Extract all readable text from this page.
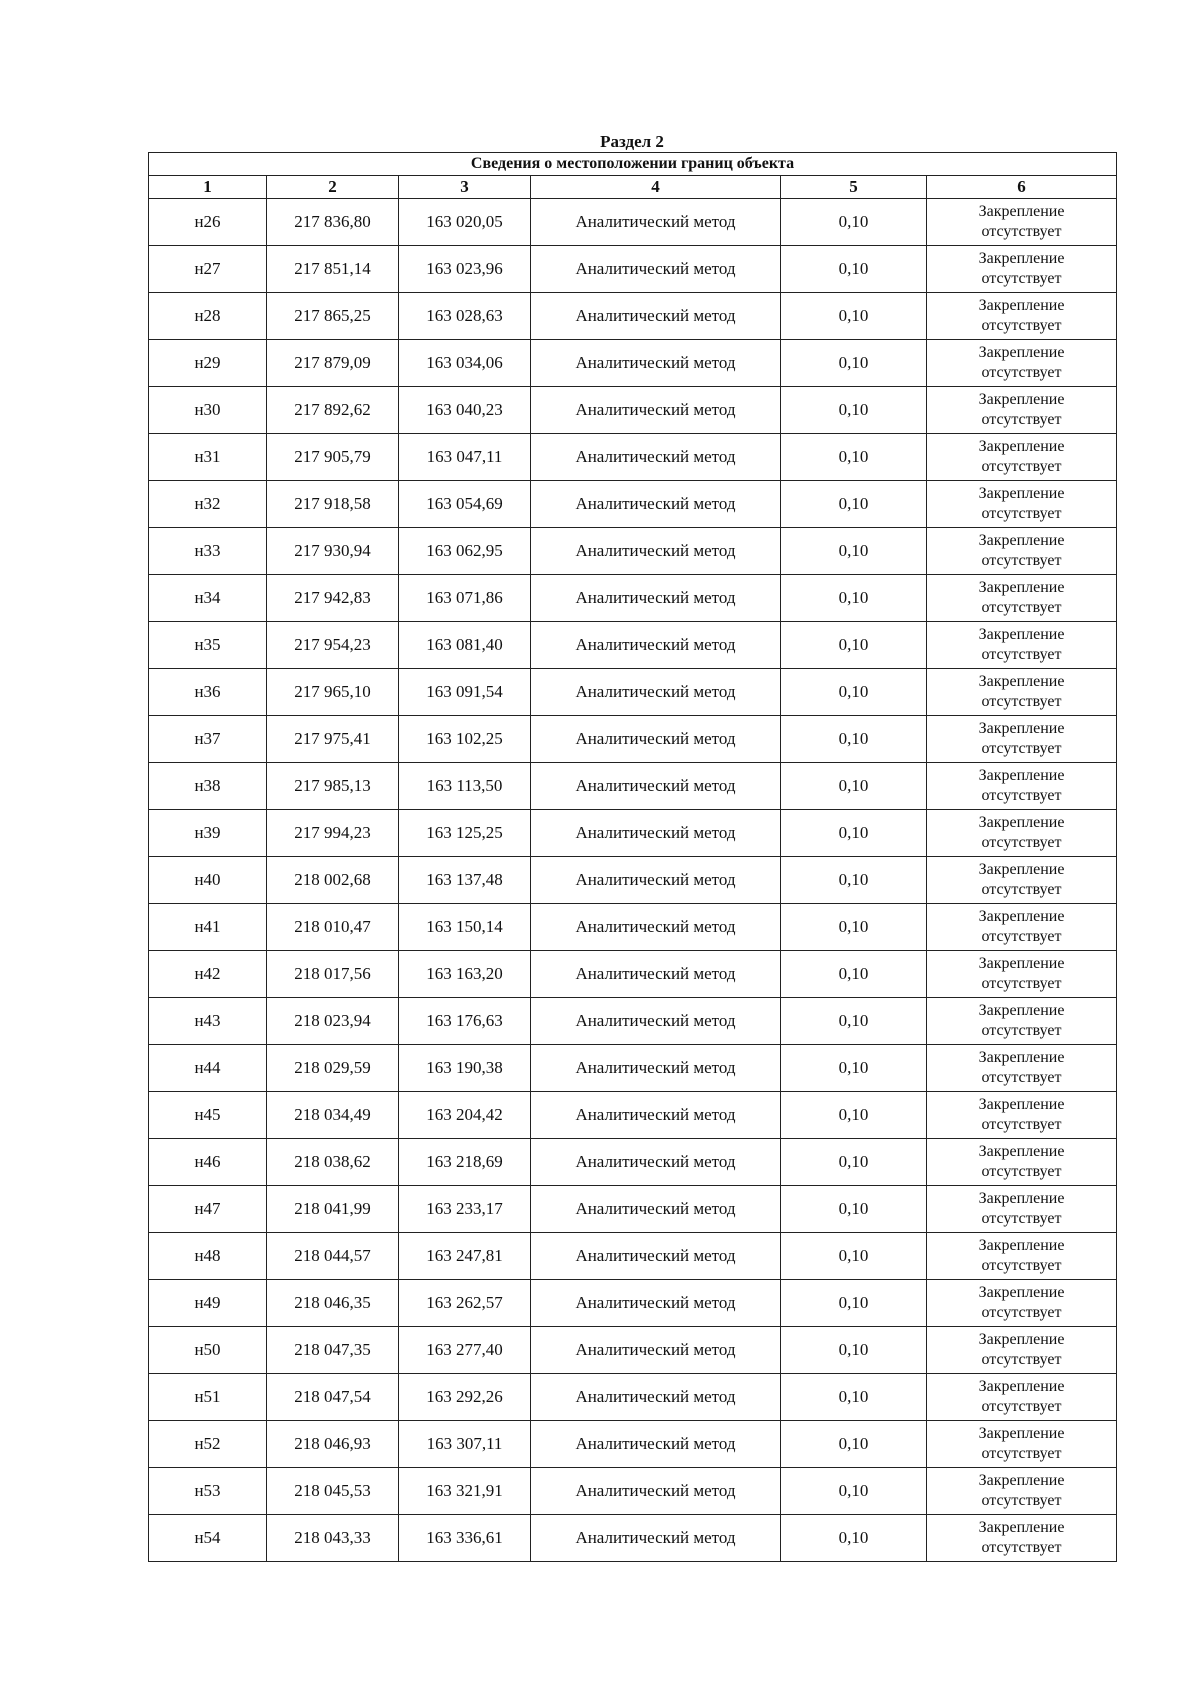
Раздел 2
Сведения о местоположении границ объекта					
1	2	3	4	5	6
н26	217 836,80	163 020,05	Аналитический метод	0,10	Закрепление
отсутствует

н27	217 851,14	163 023,96	Аналитический метод	0,10	Закрепление
отсутствует

н28	217 865,25	163 028,63	Аналитический метод	0,10	Закрепление
отсутствует

н29	217 879,09	163 034,06	Аналитический метод	0,10	Закрепление
отсутствует

н30	217 892,62	163 040,23	Аналитический метод	0,10	Закрепление
отсутствует

н31	217 905,79	163 047,11	Аналитический метод	0,10	Закрепление
отсутствует

н32	217 918,58	163 054,69	Аналитический метод	0,10	Закрепление
отсутствует

н33	217 930,94	163 062,95	Аналитический метод	0,10	Закрепление
отсутствует

н34	217 942,83	163 071,86	Аналитический метод	0,10	Закрепление
отсутствует

н35	217 954,23	163 081,40	Аналитический метод	0,10	Закрепление
отсутствует

н36	217 965,10	163 091,54	Аналитический метод	0,10	Закрепление
отсутствует

н37	217 975,41	163 102,25	Аналитический метод	0,10	Закрепление
отсутствует

н38	217 985,13	163 113,50	Аналитический метод	0,10	Закрепление
отсутствует

н39	217 994,23	163 125,25	Аналитический метод	0,10	Закрепление
отсутствует

н40	218 002,68	163 137,48	Аналитический метод	0,10	Закрепление
отсутствует

н41	218 010,47	163 150,14	Аналитический метод	0,10	Закрепление
отсутствует

н42	218 017,56	163 163,20	Аналитический метод	0,10	Закрепление
отсутствует

н43	218 023,94	163 176,63	Аналитический метод	0,10	Закрепление
отсутствует

н44	218 029,59	163 190,38	Аналитический метод	0,10	Закрепление
отсутствует

н45	218 034,49	163 204,42	Аналитический метод	0,10	Закрепление
отсутствует

н46	218 038,62	163 218,69	Аналитический метод	0,10	Закрепление
отсутствует

н47	218 041,99	163 233,17	Аналитический метод	0,10	Закрепление
отсутствует

н48	218 044,57	163 247,81	Аналитический метод	0,10	Закрепление
отсутствует

н49	218 046,35	163 262,57	Аналитический метод	0,10	Закрепление
отсутствует

н50	218 047,35	163 277,40	Аналитический метод	0,10	Закрепление
отсутствует

н51	218 047,54	163 292,26	Аналитический метод	0,10	Закрепление
отсутствует

н52	218 046,93	163 307,11	Аналитический метод	0,10	Закрепление
отсутствует

н53	218 045,53	163 321,91	Аналитический метод	0,10	Закрепление
отсутствует

н54	218 043,33	163 336,61	Аналитический метод	0,10	Закрепление
отсутствует
